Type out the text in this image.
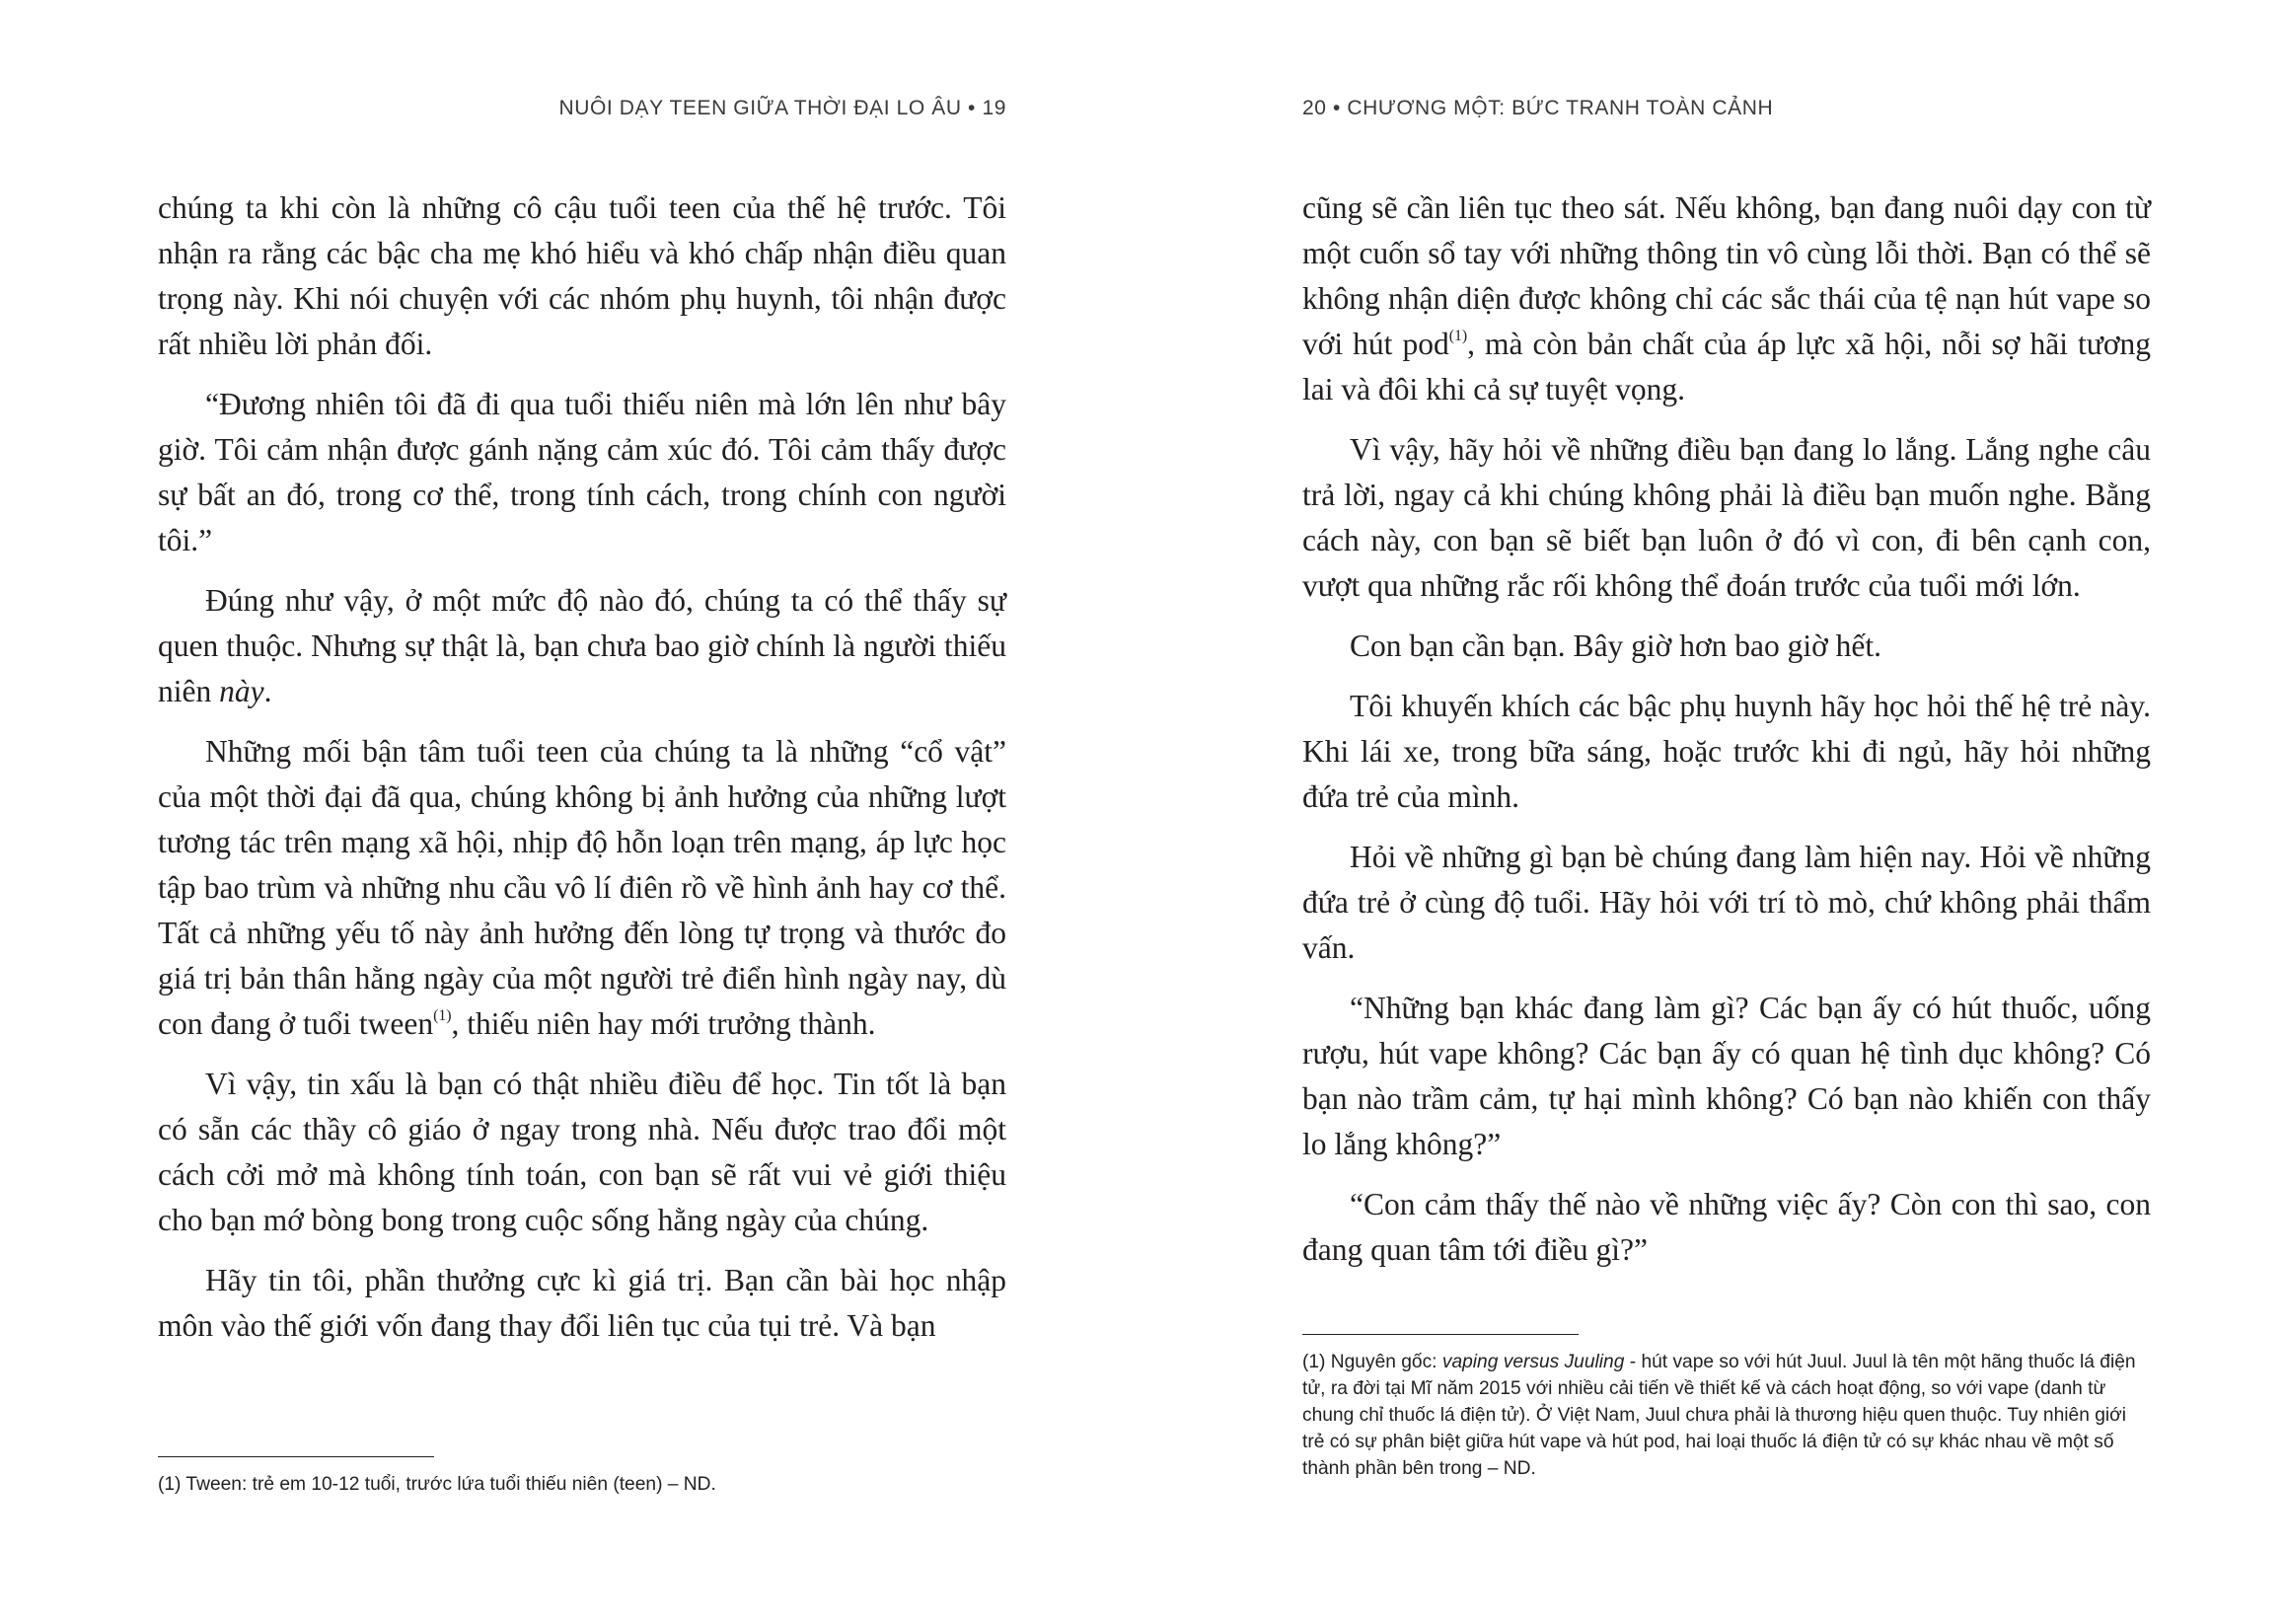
NUÔI DẠY TEEN GIỮA THỜI ĐẠI LO ÂU • 19

chúng ta khi còn là những cô cậu tuổi teen của thế hệ trước. Tôi nhận ra rằng các bậc cha mẹ khó hiểu và khó chấp nhận điều quan trọng này. Khi nói chuyện với các nhóm phụ huynh, tôi nhận được rất nhiều lời phản đối.

“Đương nhiên tôi đã đi qua tuổi thiếu niên mà lớn lên như bây giờ. Tôi cảm nhận được gánh nặng cảm xúc đó. Tôi cảm thấy được sự bất an đó, trong cơ thể, trong tính cách, trong chính con người tôi.”

Đúng như vậy, ở một mức độ nào đó, chúng ta có thể thấy sự quen thuộc. Nhưng sự thật là, bạn chưa bao giờ chính là người thiếu niên này.

Những mối bận tâm tuổi teen của chúng ta là những “cổ vật” của một thời đại đã qua, chúng không bị ảnh hưởng của những lượt tương tác trên mạng xã hội, nhịp độ hỗn loạn trên mạng, áp lực học tập bao trùm và những nhu cầu vô lí điên rồ về hình ảnh hay cơ thể. Tất cả những yếu tố này ảnh hưởng đến lòng tự trọng và thước đo giá trị bản thân hằng ngày của một người trẻ điển hình ngày nay, dù con đang ở tuổi tween$^{(1)}$, thiếu niên hay mới trưởng thành.

Vì vậy, tin xấu là bạn có thật nhiều điều để học. Tin tốt là bạn có sẵn các thầy cô giáo ở ngay trong nhà. Nếu được trao đổi một cách cởi mở mà không tính toán, con bạn sẽ rất vui vẻ giới thiệu cho bạn mớ bòng bong trong cuộc sống hằng ngày của chúng.

Hãy tin tôi, phần thưởng cực kì giá trị. Bạn cần bài học nhập môn vào thế giới vốn đang thay đổi liên tục của tụi trẻ. Và bạn

(1) Tween: trẻ em 10-12 tuổi, trước lứa tuổi thiếu niên (teen) – ND.

20 • CHƯƠNG MỘT: BỨC TRANH TOÀN CẢNH

cũng sẽ cần liên tục theo sát. Nếu không, bạn đang nuôi dạy con từ một cuốn sổ tay với những thông tin vô cùng lỗi thời. Bạn có thể sẽ không nhận diện được không chỉ các sắc thái của tệ nạn hút vape so với hút pod$^{(1)}$, mà còn bản chất của áp lực xã hội, nỗi sợ hãi tương lai và đôi khi cả sự tuyệt vọng.

Vì vậy, hãy hỏi về những điều bạn đang lo lắng. Lắng nghe câu trả lời, ngay cả khi chúng không phải là điều bạn muốn nghe. Bằng cách này, con bạn sẽ biết bạn luôn ở đó vì con, đi bên cạnh con, vượt qua những rắc rối không thể đoán trước của tuổi mới lớn.

Con bạn cần bạn. Bây giờ hơn bao giờ hết.

Tôi khuyến khích các bậc phụ huynh hãy học hỏi thế hệ trẻ này. Khi lái xe, trong bữa sáng, hoặc trước khi đi ngủ, hãy hỏi những đứa trẻ của mình.

Hỏi về những gì bạn bè chúng đang làm hiện nay. Hỏi về những đứa trẻ ở cùng độ tuổi. Hãy hỏi với trí tò mò, chứ không phải thẩm vấn.

“Những bạn khác đang làm gì? Các bạn ấy có hút thuốc, uống rượu, hút vape không? Các bạn ấy có quan hệ tình dục không? Có bạn nào trầm cảm, tự hại mình không? Có bạn nào khiến con thấy lo lắng không?”

“Con cảm thấy thế nào về những việc ấy? Còn con thì sao, con đang quan tâm tới điều gì?”

(1) Nguyên gốc: vaping versus Juuling - hút vape so với hút Juul. Juul là tên một hãng thuốc lá điện tử, ra đời tại Mĩ năm 2015 với nhiều cải tiến về thiết kế và cách hoạt động, so với vape (danh từ chung chỉ thuốc lá điện tử). Ở Việt Nam, Juul chưa phải là thương hiệu quen thuộc. Tuy nhiên giới trẻ có sự phân biệt giữa hút vape và hút pod, hai loại thuốc lá điện tử có sự khác nhau về một số thành phần bên trong – ND.
